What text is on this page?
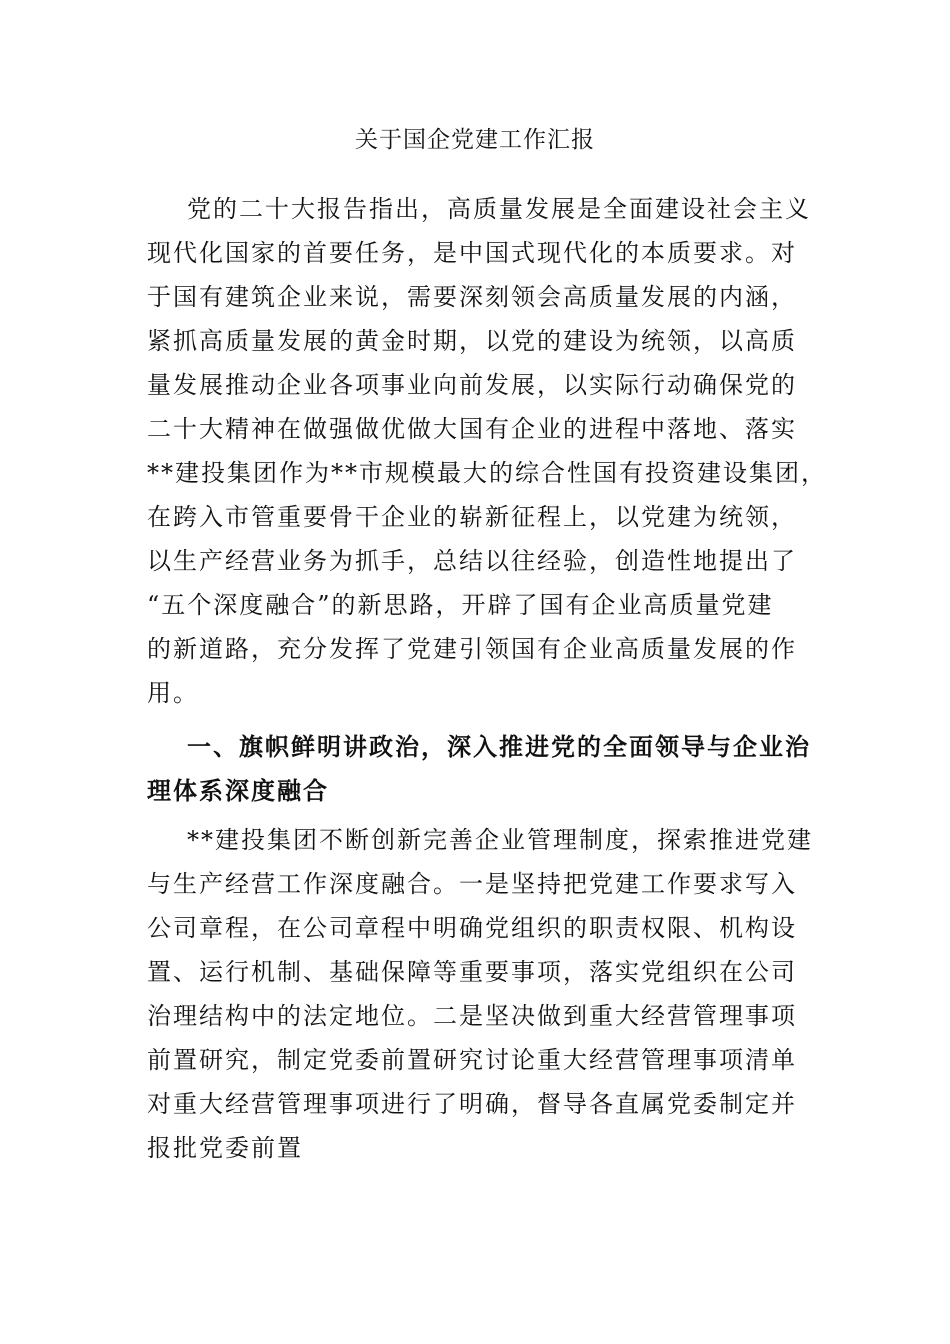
关于国企党建工作汇报
党的二十大报告指出，高质量发展是全面建设社会主义
现代化国家的首要任务，是中国式现代化的本质要求。对
于国有建筑企业来说，需要深刻领会高质量发展的内涵，
紧抓高质量发展的黄金时期，以党的建设为统领，以高质
量发展推动企业各项事业向前发展，以实际行动确保党的
二十大精神在做强做优做大国有企业的进程中落地、落实
**建投集团作为**市规模最大的综合性国有投资建设集团，
在跨入市管重要骨干企业的崭新征程上，以党建为统领，
以生产经营业务为抓手，总结以往经验，创造性地提出了
“五个深度融合”的新思路，开辟了国有企业高质量党建
的新道路，充分发挥了党建引领国有企业高质量发展的作
用。
一、旗帜鲜明讲政治，深入推进党的全面领导与企业治
理体系深度融合
**建投集团不断创新完善企业管理制度，探索推进党建
与生产经营工作深度融合。一是坚持把党建工作要求写入
公司章程，在公司章程中明确党组织的职责权限、机构设
置、运行机制、基础保障等重要事项，落实党组织在公司
治理结构中的法定地位。二是坚决做到重大经营管理事项
前置研究，制定党委前置研究讨论重大经营管理事项清单
对重大经营管理事项进行了明确，督导各直属党委制定并
报批党委前置
